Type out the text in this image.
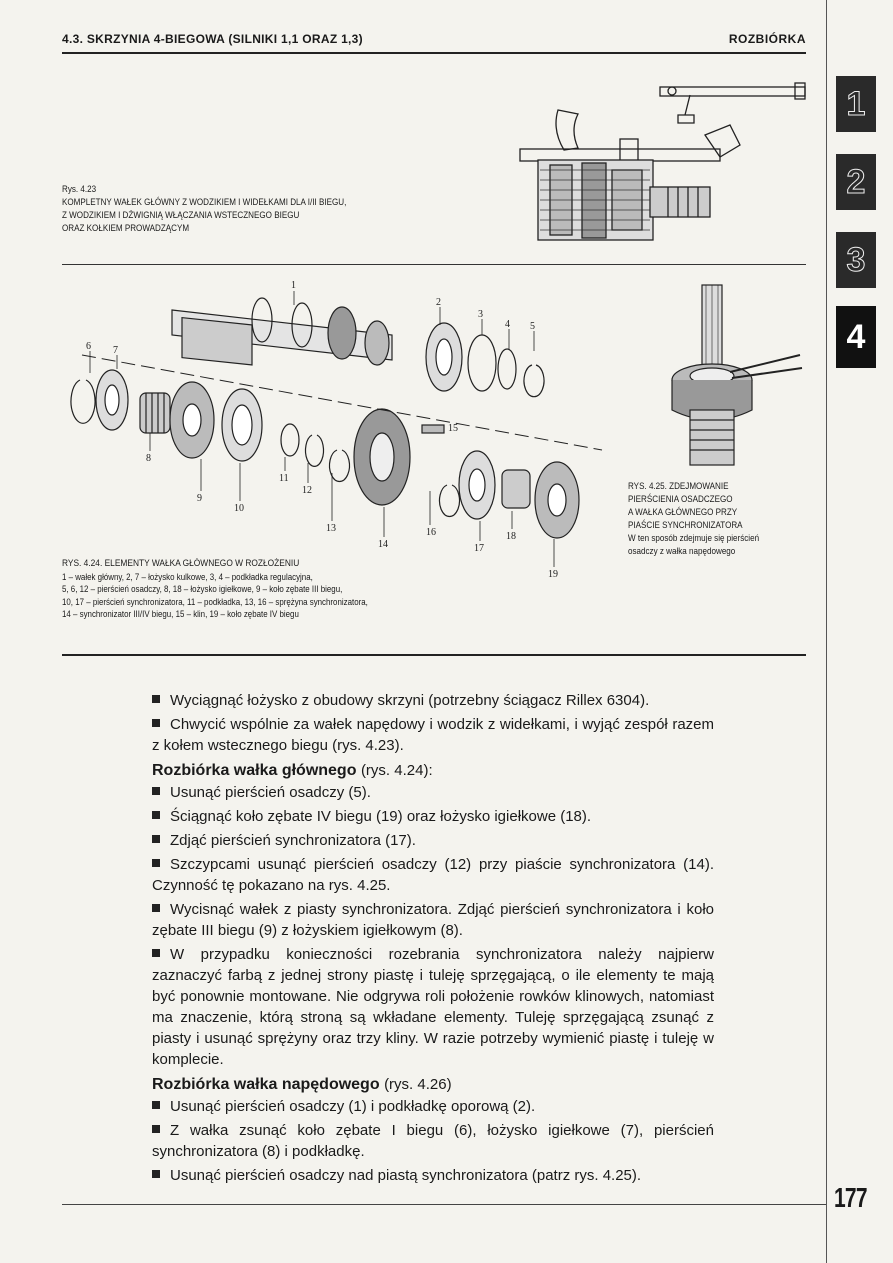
4.3. SKRZYNIA 4-BIEGOWA (SILNIKI 1,1 ORAZ 1,3)	ROZBIÓRKA
1
2
3
4
Rys. 4.23
KOMPLETNY WAŁEK GŁÓWNY Z WODZIKIEM I WIDEŁKAMI DLA I/II BIEGU,
Z WODZIKIEM I DŹWIGNIĄ WŁĄCZANIA WSTECZNEGO BIEGU
ORAZ KOŁKIEM PROWADZĄCYM
1
2
3
4 5
6 7
8
9
10
11
12
13
14
15
16
17
18
19
RYS. 4.25. ZDEJMOWANIE
PIERŚCIENIA OSADCZEGO
A WAŁKA GŁÓWNEGO PRZY
PIAŚCIE SYNCHRONIZATORA
W ten sposób zdejmuje się pierścień
osadczy z wałka napędowego
RYS. 4.24. ELEMENTY WAŁKA GŁÓWNEGO W ROZŁOŻENIU
1 – wałek główny, 2, 7 – łożysko kulkowe, 3, 4 – podkładka regulacyjna,
5, 6, 12 – pierścień osadczy, 8, 18 – łożysko igiełkowe, 9 – koło zębate III biegu,
10, 17 – pierścień synchronizatora, 11 – podkładka, 13, 16 – sprężyna synchronizatora,
14 – synchronizator III/IV biegu, 15 – klin, 19 – koło zębate IV biegu

Wyciągnąć łożysko z obudowy skrzyni (potrzebny ściągacz Rillex 6304).

Chwycić wspólnie za wałek napędowy i wodzik z widełkami, i wyjąć zespół razem z kołem wstecznego biegu (rys. 4.23).

Rozbiórka wałka głównego (rys. 4.24):

Usunąć pierścień osadczy (5).

Ściągnąć koło zębate IV biegu (19) oraz łożysko igiełkowe (18).

Zdjąć pierścień synchronizatora (17).

Szczypcami usunąć pierścień osadczy (12) przy piaście synchronizatora (14). Czynność tę pokazano na rys. 4.25.

Wycisnąć wałek z piasty synchronizatora. Zdjąć pierścień synchronizatora i koło zębate III biegu (9) z łożyskiem igiełkowym (8).

W przypadku konieczności rozebrania synchronizatora należy najpierw zaznaczyć farbą z jednej strony piastę i tuleję sprzęgającą, o ile elementy te mają być ponownie montowane. Nie odgrywa roli położenie rowków klinowych, natomiast ma znaczenie, którą stroną są wkładane elementy. Tuleję sprzęgającą zsunąć z piasty i usunąć sprężyny oraz trzy kliny. W razie potrzeby wymienić piastę i tuleję w komplecie.

Rozbiórka wałka napędowego (rys. 4.26)

Usunąć pierścień osadczy (1) i podkładkę oporową (2).

Z wałka zsunąć koło zębate I biegu (6), łożysko igiełkowe (7), pierścień synchronizatora (8) i podkładkę.

Usunąć pierścień osadczy nad piastą synchronizatora (patrz rys. 4.25).

177
